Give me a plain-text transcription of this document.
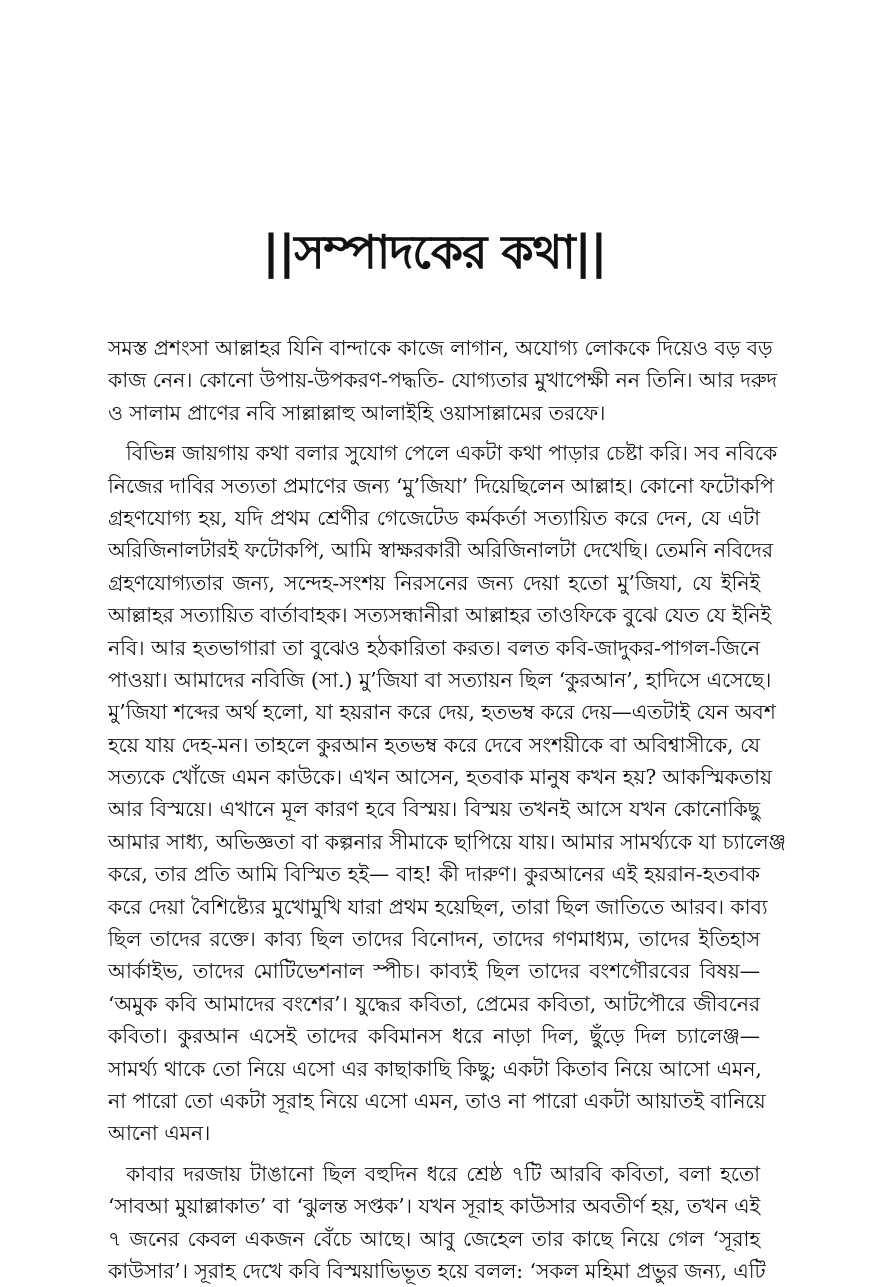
||সম্পাদকের কথা||
সমস্ত প্রশংসা আল্লাহর যিনি বান্দাকে কাজে লাগান, অযোগ্য লোককে দিয়েও বড় বড়
কাজ নেন। কোনো উপায়-উপকরণ-পদ্ধতি- যোগ্যতার মুখাপেক্ষী নন তিনি। আর দরুদ
ও সালাম প্রাণের নবি সাল্লাল্লাহু আলাইহি ওয়াসাল্লামের তরফে।
বিভিন্ন জায়গায় কথা বলার সুযোগ পেলে একটা কথা পাড়ার চেষ্টা করি। সব নবিকে
নিজের দাবির সত্যতা প্রমাণের জন্য ‘মু’জিযা’ দিয়েছিলেন আল্লাহ। কোনো ফটোকপি
গ্রহণযোগ্য হয়, যদি প্রথম শ্রেণীর গেজেটেড কর্মকর্তা সত্যায়িত করে দেন, যে এটা
অরিজিনালটারই ফটোকপি, আমি স্বাক্ষরকারী অরিজিনালটা দেখেছি। তেমনি নবিদের
গ্রহণযোগ্যতার জন্য, সন্দেহ-সংশয় নিরসনের জন্য দেয়া হতো মু’জিযা, যে ইনিই
আল্লাহর সত্যায়িত বার্তাবাহক। সত্যসন্ধানীরা আল্লাহর তাওফিকে বুঝে যেত যে ইনিই
নবি। আর হতভাগারা তা বুঝেও হঠকারিতা করত। বলত কবি-জাদুকর-পাগল-জিনে
পাওয়া। আমাদের নবিজি (সা.) মু’জিযা বা সত্যায়ন ছিল ‘কুরআন’, হাদিসে এসেছে।
মু’জিযা শব্দের অর্থ হলো, যা হয়রান করে দেয়, হতভম্ব করে দেয়—এতটাই যেন অবশ
হয়ে যায় দেহ-মন। তাহলে কুরআন হতভম্ব করে দেবে সংশয়ীকে বা অবিশ্বাসীকে, যে
সত্যকে খোঁজে এমন কাউকে। এখন আসেন, হতবাক মানুষ কখন হয়? আকস্মিকতায়
আর বিস্ময়ে। এখানে মূল কারণ হবে বিস্ময়। বিস্ময় তখনই আসে যখন কোনোকিছু
আমার সাধ্য, অভিজ্ঞতা বা কল্পনার সীমাকে ছাপিয়ে যায়। আমার সামর্থ্যকে যা চ্যালেঞ্জ
করে, তার প্রতি আমি বিস্মিত হই— বাহ! কী দারুণ। কুরআনের এই হয়রান-হতবাক
করে দেয়া বৈশিষ্ট্যের মুখোমুখি যারা প্রথম হয়েছিল, তারা ছিল জাতিতে আরব। কাব্য
ছিল তাদের রক্তে। কাব্য ছিল তাদের বিনোদন, তাদের গণমাধ্যম, তাদের ইতিহাস
আর্কাইভ, তাদের মোটিভেশনাল স্পীচ। কাব্যই ছিল তাদের বংশগৌরবের বিষয়—
‘অমুক কবি আমাদের বংশের’। যুদ্ধের কবিতা, প্রেমের কবিতা, আটপৌরে জীবনের
কবিতা। কুরআন এসেই তাদের কবিমানস ধরে নাড়া দিল, ছুঁড়ে দিল চ্যালেঞ্জ—
সামর্থ্য থাকে তো নিয়ে এসো এর কাছাকাছি কিছু; একটা কিতাব নিয়ে আসো এমন,
না পারো তো একটা সূরাহ নিয়ে এসো এমন, তাও না পারো একটা আয়াতই বানিয়ে
আনো এমন।
কাবার দরজায় টাঙানো ছিল বহুদিন ধরে শ্রেষ্ঠ ৭টি আরবি কবিতা, বলা হতো
‘সাবআ মুয়াল্লাকাত’ বা ‘ঝুলন্ত সপ্তক’। যখন সূরাহ কাউসার অবতীর্ণ হয়, তখন এই
৭ জনের কেবল একজন বেঁচে আছে। আবু জেহেল তার কাছে নিয়ে গেল ‘সূরাহ
কাউসার’। সূরাহ দেখে কবি বিস্ময়াভিভূত হয়ে বলল: ‘সকল মহিমা প্রভুর জন্য, এটি
